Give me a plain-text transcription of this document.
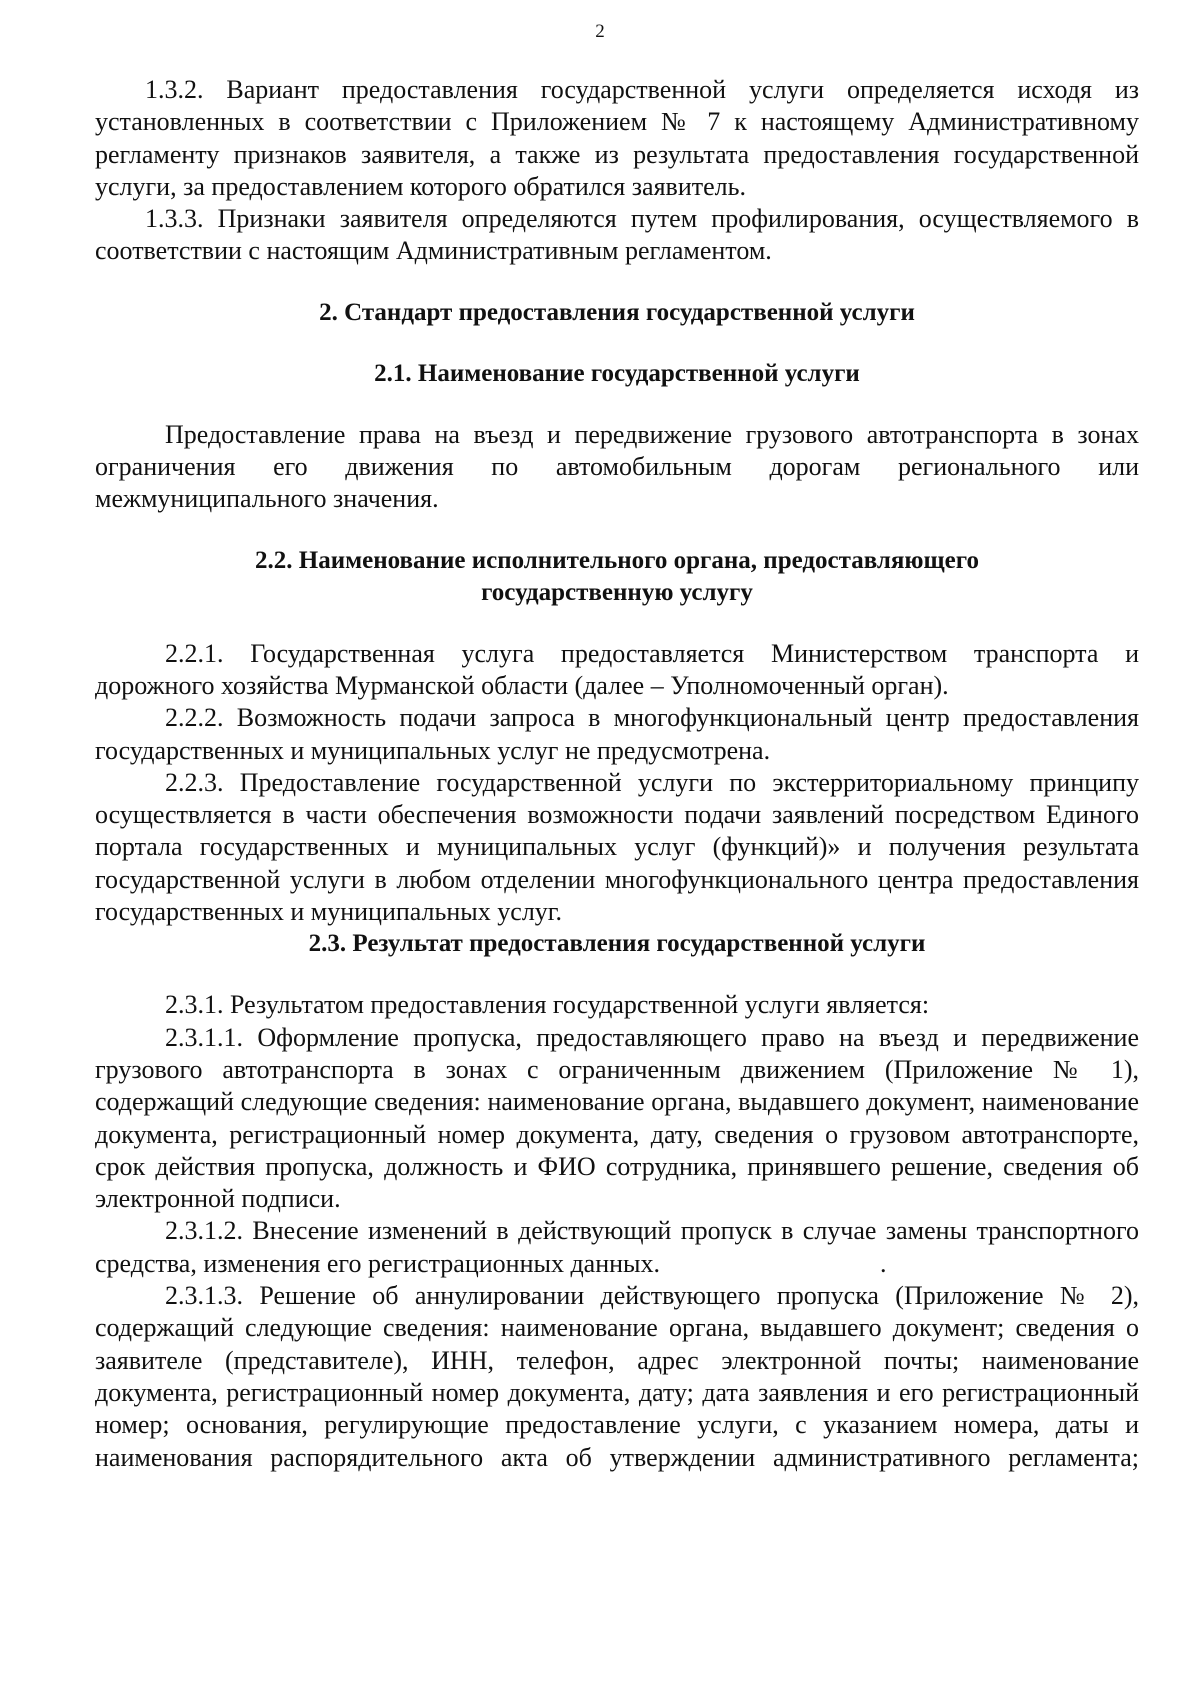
2

1.3.2. Вариант предоставления государственной услуги определяется исходя из установленных в соответствии с Приложением № 7 к настоящему Административному регламенту признаков заявителя, а также из результата предоставления государственной услуги, за предоставлением которого обратился заявитель.

1.3.3. Признаки заявителя определяются путем профилирования, осуществляемого в соответствии с настоящим Административным регламентом.

2. Стандарт предоставления государственной услуги
2.1. Наименование государственной услуги

Предоставление права на въезд и передвижение грузового автотранспорта в зонах ограничения его движения по автомобильным дорогам регионального или межмуниципального значения.

2.2. Наименование исполнительного органа, предоставляющего
государственную услугу

2.2.1. Государственная услуга предоставляется Министерством транспорта и дорожного хозяйства Мурманской области (далее – Уполномоченный орган).

2.2.2. Возможность подачи запроса в многофункциональный центр предоставления государственных и муниципальных услуг не предусмотрена.

2.2.3. Предоставление государственной услуги по экстерриториальному принципу осуществляется в части обеспечения возможности подачи заявлений посредством Единого портала государственных и муниципальных услуг (функций)» и получения результата государственной услуги в любом отделении многофункционального центра предоставления государственных и муниципальных услуг.

2.3. Результат предоставления государственной услуги

2.3.1. Результатом предоставления государственной услуги является:

2.3.1.1. Оформление пропуска, предоставляющего право на въезд и передвижение грузового автотранспорта в зонах с ограниченным движением (Приложение № 1), содержащий следующие сведения: наименование органа, выдавшего документ, наименование документа, регистрационный номер документа, дату, сведения о грузовом автотранспорте, срок действия пропуска, должность и ФИО сотрудника, принявшего решение, сведения об электронной подписи.

2.3.1.2. Внесение изменений в действующий пропуск в случае замены транспортного средства, изменения его регистрационных данных.	.

2.3.1.3. Решение об аннулировании действующего пропуска (Приложение № 2), содержащий следующие сведения: наименование органа, выдавшего документ; сведения о заявителе (представителе), ИНН, телефон, адрес электронной почты; наименование документа, регистрационный номер документа, дату; дата заявления и его регистрационный номер; основания, регулирующие предоставление услуги, с указанием номера, даты и наименования распорядительного акта об утверждении административного регламента;
